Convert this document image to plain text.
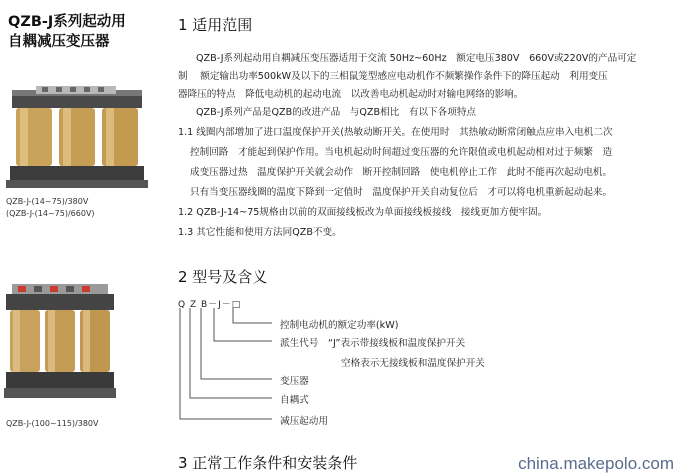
QZB-J系列起动用
自耦减压变压器
QZB-J-(14~75)/380V
(QZB-J-(14~75)/660V)
QZB-J-(100~115)/380V
1 适用范围
QZB-J系列起动用自耦减压变压器适用于交流 50Hz~60Hz　额定电压380V　660V或220V的产品可定
制　 额定输出功率500kW及以下的三相鼠笼型感应电动机作不频繁操作条件下的降压起动　利用变压
器降压的特点　降低电动机的起动电流　以改善电动机起动时对输电网络的影响。
QZB-J系列产品是QZB的改进产品　与QZB相比　有以下各项特点
1.1 线圈内部增加了进口温度保护开关(热敏动断开关。在使用时　其热敏动断常闭触点应串入电机二次
控制回路　才能起到保护作用。当电机起动时间超过变压器的允许限值或电机起动相对过于频繁　造
成变压器过热　温度保护开关就会动作　断开控制回路　使电机停止工作　此时不能再次起动电机。
只有当变压器线圈的温度下降到一定值时　温度保护开关自动复位后　才可以将电机重新起动起来。
1.2 QZB-J-14~75规格由以前的双面接线板改为单面接线板接线　接线更加方便牢固。
1.3 其它性能和使用方法同QZB不变。
2 型号及含义
Q Z B－J－□
控制电动机的额定功率(kW)
派生代号　“J”表示带接线板和温度保护开关
空格表示无接线板和温度保护开关
变压器
自耦式
减压起动用
3 正常工作条件和安装条件	china.makepolo.com
